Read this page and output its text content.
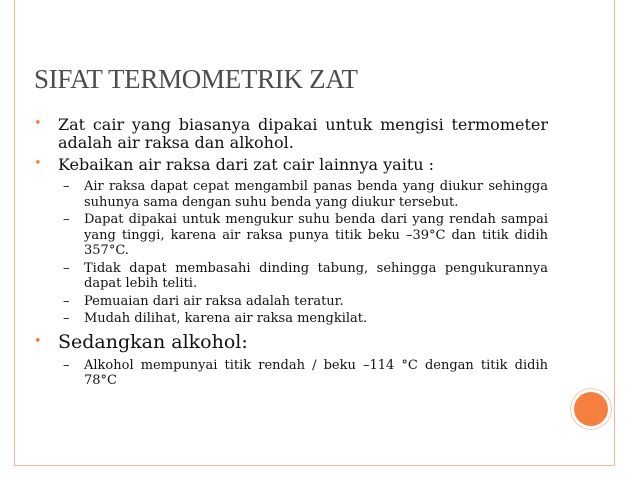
SIFAT TERMOMETRIK ZAT
• Zat cair yang biasanya dipakai untuk mengisi termometer adalah air raksa dan alkohol.
• Kebaikan air raksa dari zat cair lainnya yaitu :
– Air raksa dapat cepat mengambil panas benda yang diukur sehingga suhunya sama dengan suhu benda yang diukur tersebut.
– Dapat dipakai untuk mengukur suhu benda dari yang rendah sampai yang tinggi, karena air raksa punya titik beku –39°C dan titik didih 357°C.
– Tidak dapat membasahi dinding tabung, sehingga pengukurannya dapat lebih teliti.
– Pemuaian dari air raksa adalah teratur.
– Mudah dilihat, karena air raksa mengkilat.
• Sedangkan alkohol:
– Alkohol mempunyai titik rendah / beku –114 °C dengan titik didih 78°C
